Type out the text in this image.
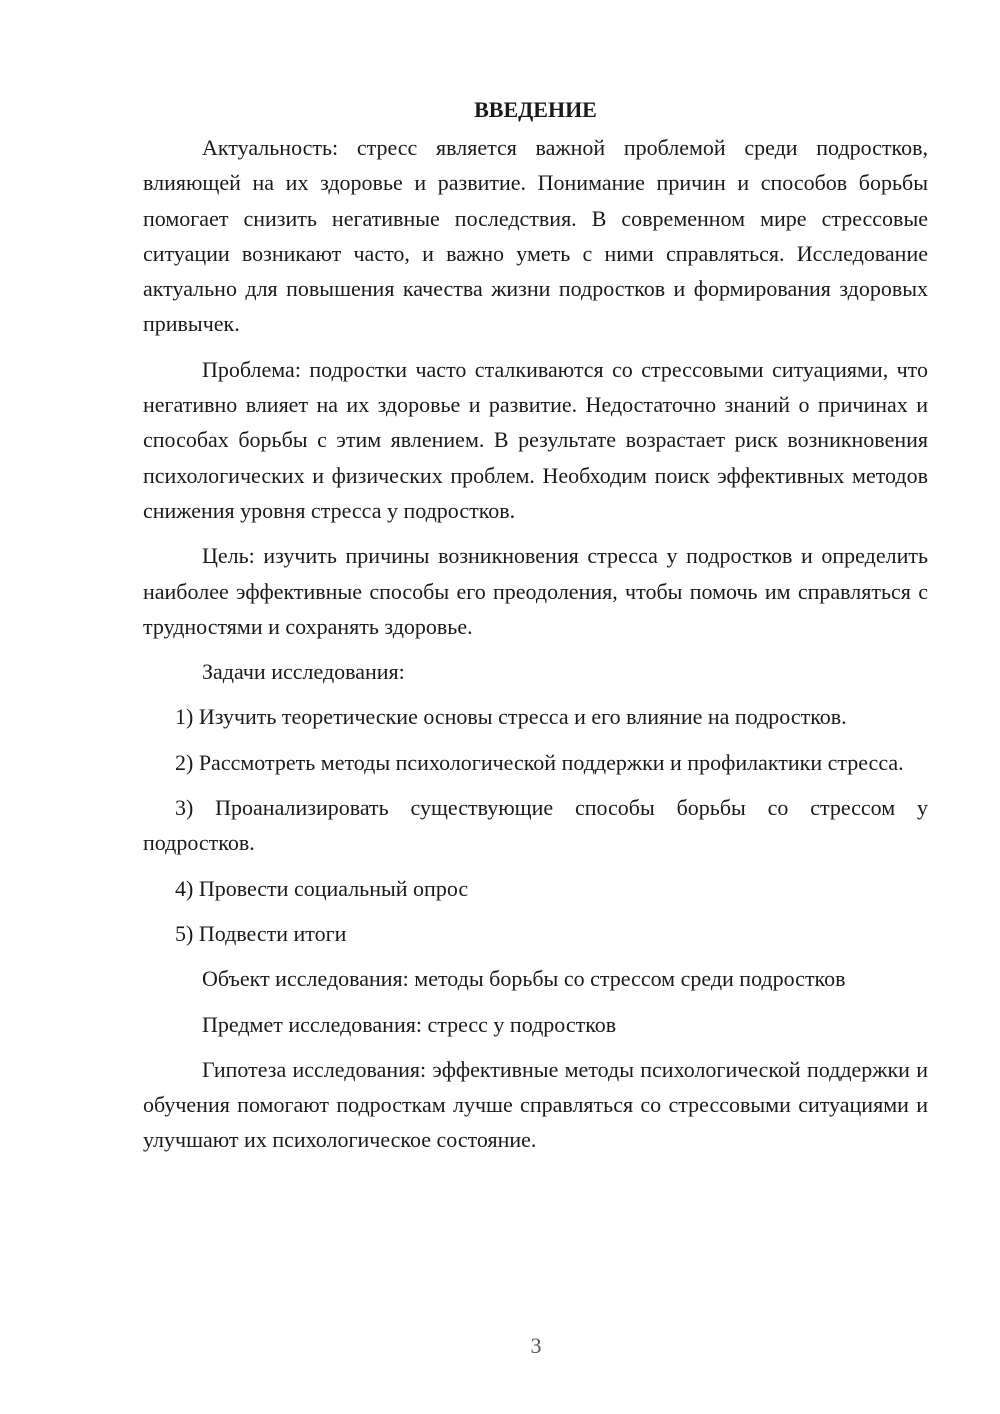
ВВЕДЕНИЕ

Актуальность: стресс является важной проблемой среди подростков, влияющей на их здоровье и развитие. Понимание причин и способов борьбы помогает снизить негативные последствия. В современном мире стрессовые ситуации возникают часто, и важно уметь с ними справляться. Исследование актуально для повышения качества жизни подростков и формирования здоровых привычек.

Проблема: подростки часто сталкиваются со стрессовыми ситуациями, что негативно влияет на их здоровье и развитие. Недостаточно знаний о причинах и способах борьбы с этим явлением. В результате возрастает риск возникновения психологических и физических проблем. Необходим поиск эффективных методов снижения уровня стресса у подростков.

Цель: изучить причины возникновения стресса у подростков и определить наиболее эффективные способы его преодоления, чтобы помочь им справляться с трудностями и сохранять здоровье.

Задачи исследования:

1) Изучить теоретические основы стресса и его влияние на подростков.

2) Рассмотреть методы психологической поддержки и профилактики стресса.

3) Проанализировать существующие способы борьбы со стрессом у подростков.

4) Провести социальный опрос

5) Подвести итоги

Объект исследования: методы борьбы со стрессом среди подростков

Предмет исследования: стресс у подростков

Гипотеза исследования: эффективные методы психологической поддержки и обучения помогают подросткам лучше справляться со стрессовыми ситуациями и улучшают их психологическое состояние.

3
